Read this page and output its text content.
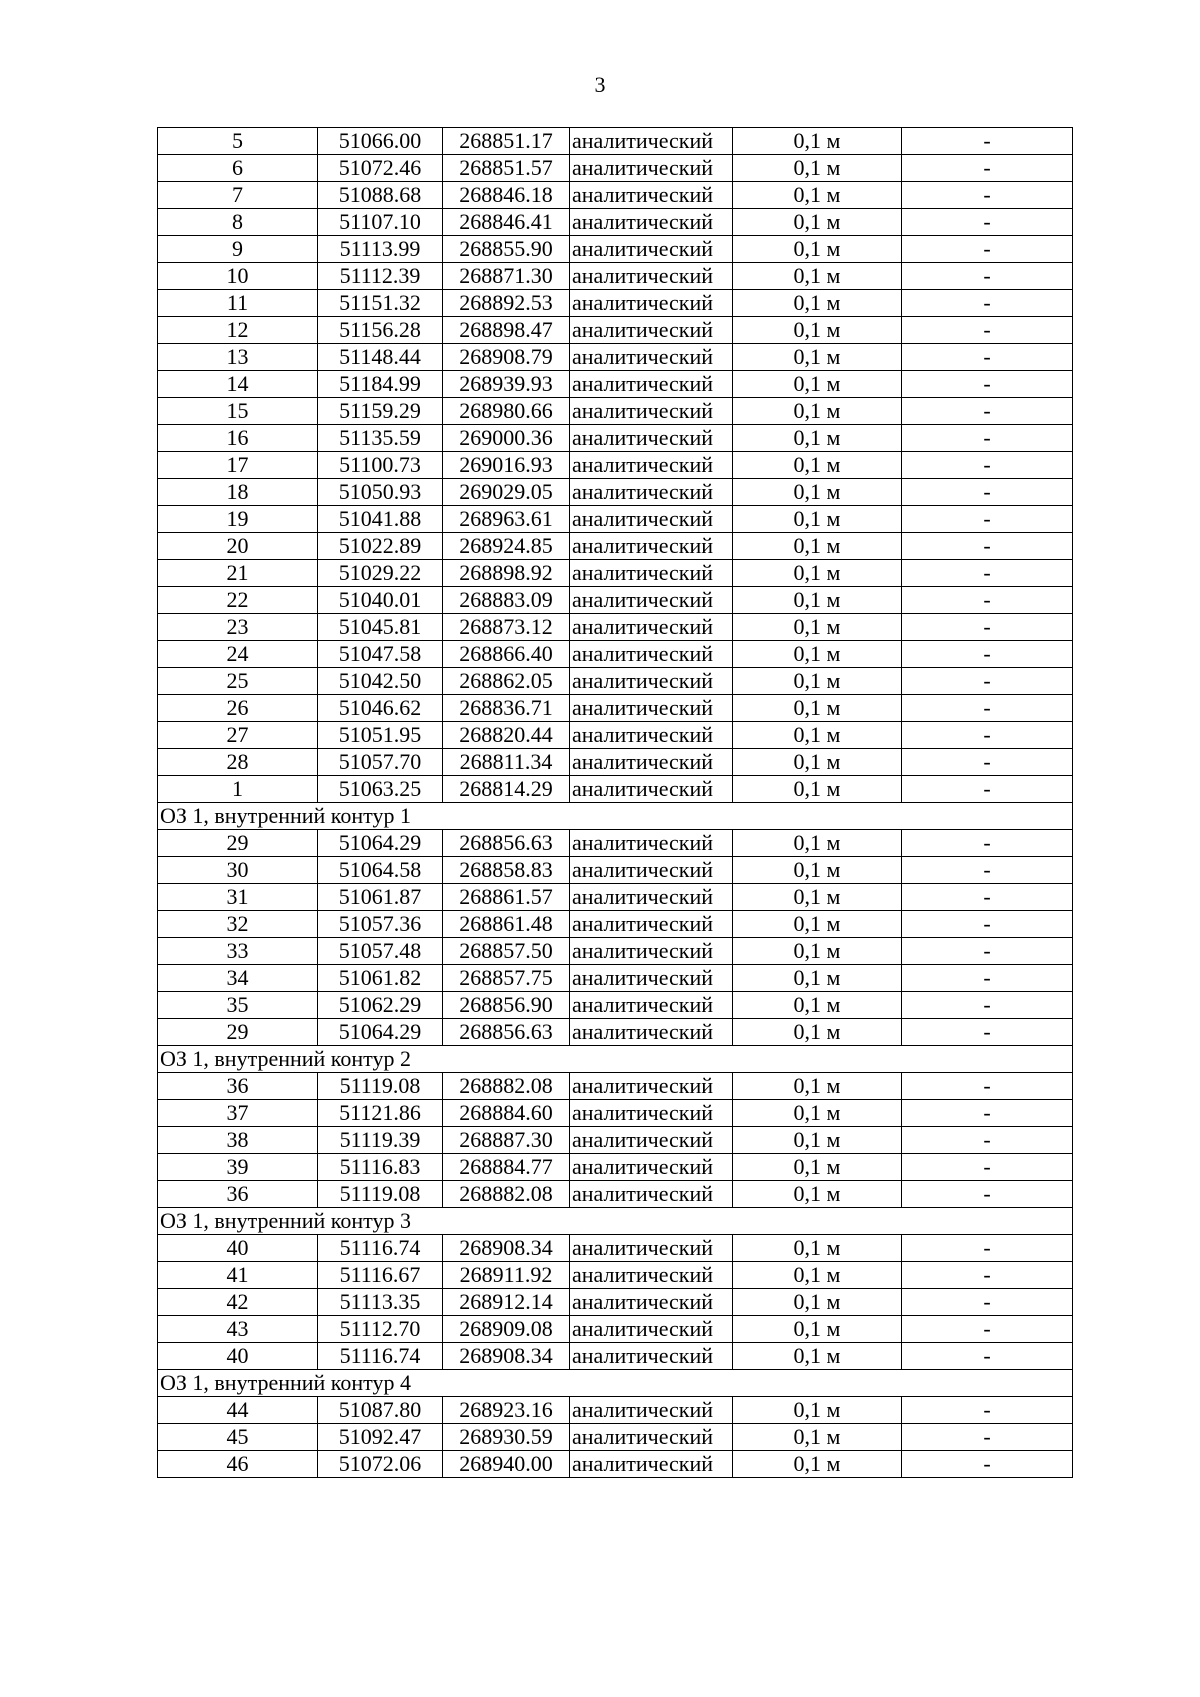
3
5	51066.00	268851.17	аналитический	0,1 м	-
6	51072.46	268851.57	аналитический	0,1 м	-
7	51088.68	268846.18	аналитический	0,1 м	-
8	51107.10	268846.41	аналитический	0,1 м	-
9	51113.99	268855.90	аналитический	0,1 м	-
10	51112.39	268871.30	аналитический	0,1 м	-
11	51151.32	268892.53	аналитический	0,1 м	-
12	51156.28	268898.47	аналитический	0,1 м	-
13	51148.44	268908.79	аналитический	0,1 м	-
14	51184.99	268939.93	аналитический	0,1 м	-
15	51159.29	268980.66	аналитический	0,1 м	-
16	51135.59	269000.36	аналитический	0,1 м	-
17	51100.73	269016.93	аналитический	0,1 м	-
18	51050.93	269029.05	аналитический	0,1 м	-
19	51041.88	268963.61	аналитический	0,1 м	-
20	51022.89	268924.85	аналитический	0,1 м	-
21	51029.22	268898.92	аналитический	0,1 м	-
22	51040.01	268883.09	аналитический	0,1 м	-
23	51045.81	268873.12	аналитический	0,1 м	-
24	51047.58	268866.40	аналитический	0,1 м	-
25	51042.50	268862.05	аналитический	0,1 м	-
26	51046.62	268836.71	аналитический	0,1 м	-
27	51051.95	268820.44	аналитический	0,1 м	-
28	51057.70	268811.34	аналитический	0,1 м	-
1	51063.25	268814.29	аналитический	0,1 м	-
ОЗ 1, внутренний контур 1					
29	51064.29	268856.63	аналитический	0,1 м	-
30	51064.58	268858.83	аналитический	0,1 м	-
31	51061.87	268861.57	аналитический	0,1 м	-
32	51057.36	268861.48	аналитический	0,1 м	-
33	51057.48	268857.50	аналитический	0,1 м	-
34	51061.82	268857.75	аналитический	0,1 м	-
35	51062.29	268856.90	аналитический	0,1 м	-
29	51064.29	268856.63	аналитический	0,1 м	-
ОЗ 1, внутренний контур 2					
36	51119.08	268882.08	аналитический	0,1 м	-
37	51121.86	268884.60	аналитический	0,1 м	-
38	51119.39	268887.30	аналитический	0,1 м	-
39	51116.83	268884.77	аналитический	0,1 м	-
36	51119.08	268882.08	аналитический	0,1 м	-
ОЗ 1, внутренний контур 3					
40	51116.74	268908.34	аналитический	0,1 м	-
41	51116.67	268911.92	аналитический	0,1 м	-
42	51113.35	268912.14	аналитический	0,1 м	-
43	51112.70	268909.08	аналитический	0,1 м	-
40	51116.74	268908.34	аналитический	0,1 м	-
ОЗ 1, внутренний контур 4					
44	51087.80	268923.16	аналитический	0,1 м	-
45	51092.47	268930.59	аналитический	0,1 м	-
46	51072.06	268940.00	аналитический	0,1 м	-
